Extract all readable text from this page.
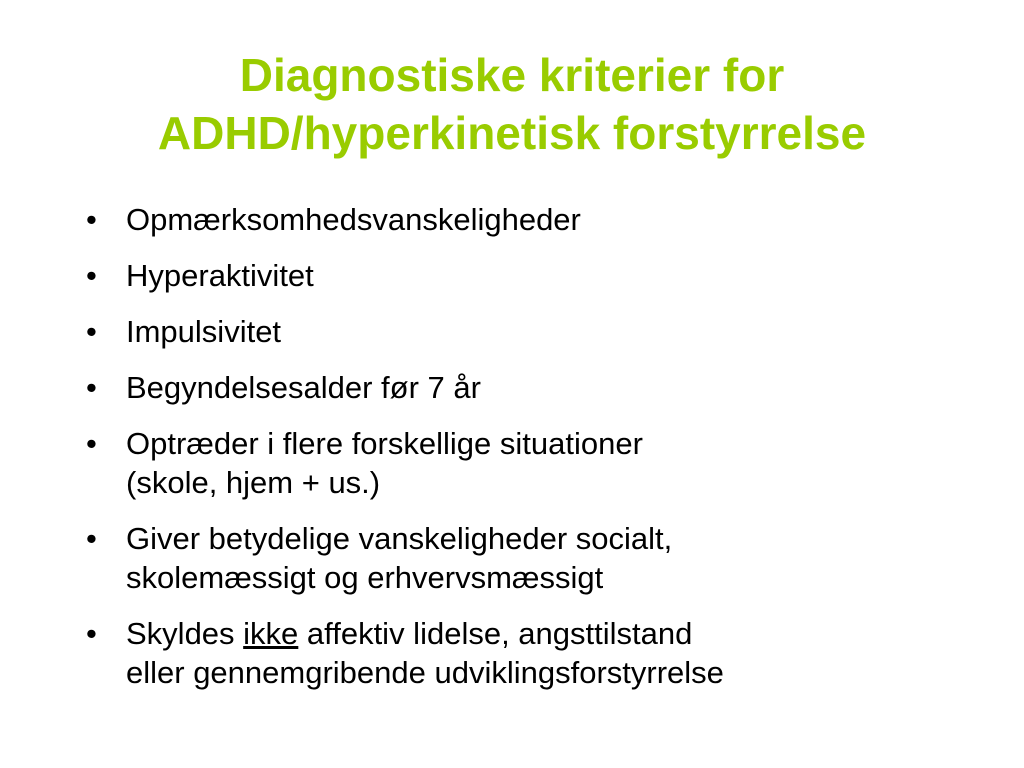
Diagnostiske kriterier for
ADHD/hyperkinetisk forstyrrelse
• Opmærksomhedsvanskeligheder
• Hyperaktivitet
• Impulsivitet
• Begyndelsesalder før 7 år
• Optræder i flere forskellige situationer
(skole, hjem + us.)
• Giver betydelige vanskeligheder socialt,
skolemæssigt og erhvervsmæssigt
• Skyldes ikke affektiv lidelse, angsttilstand
eller gennemgribende udviklingsforstyrrelse
